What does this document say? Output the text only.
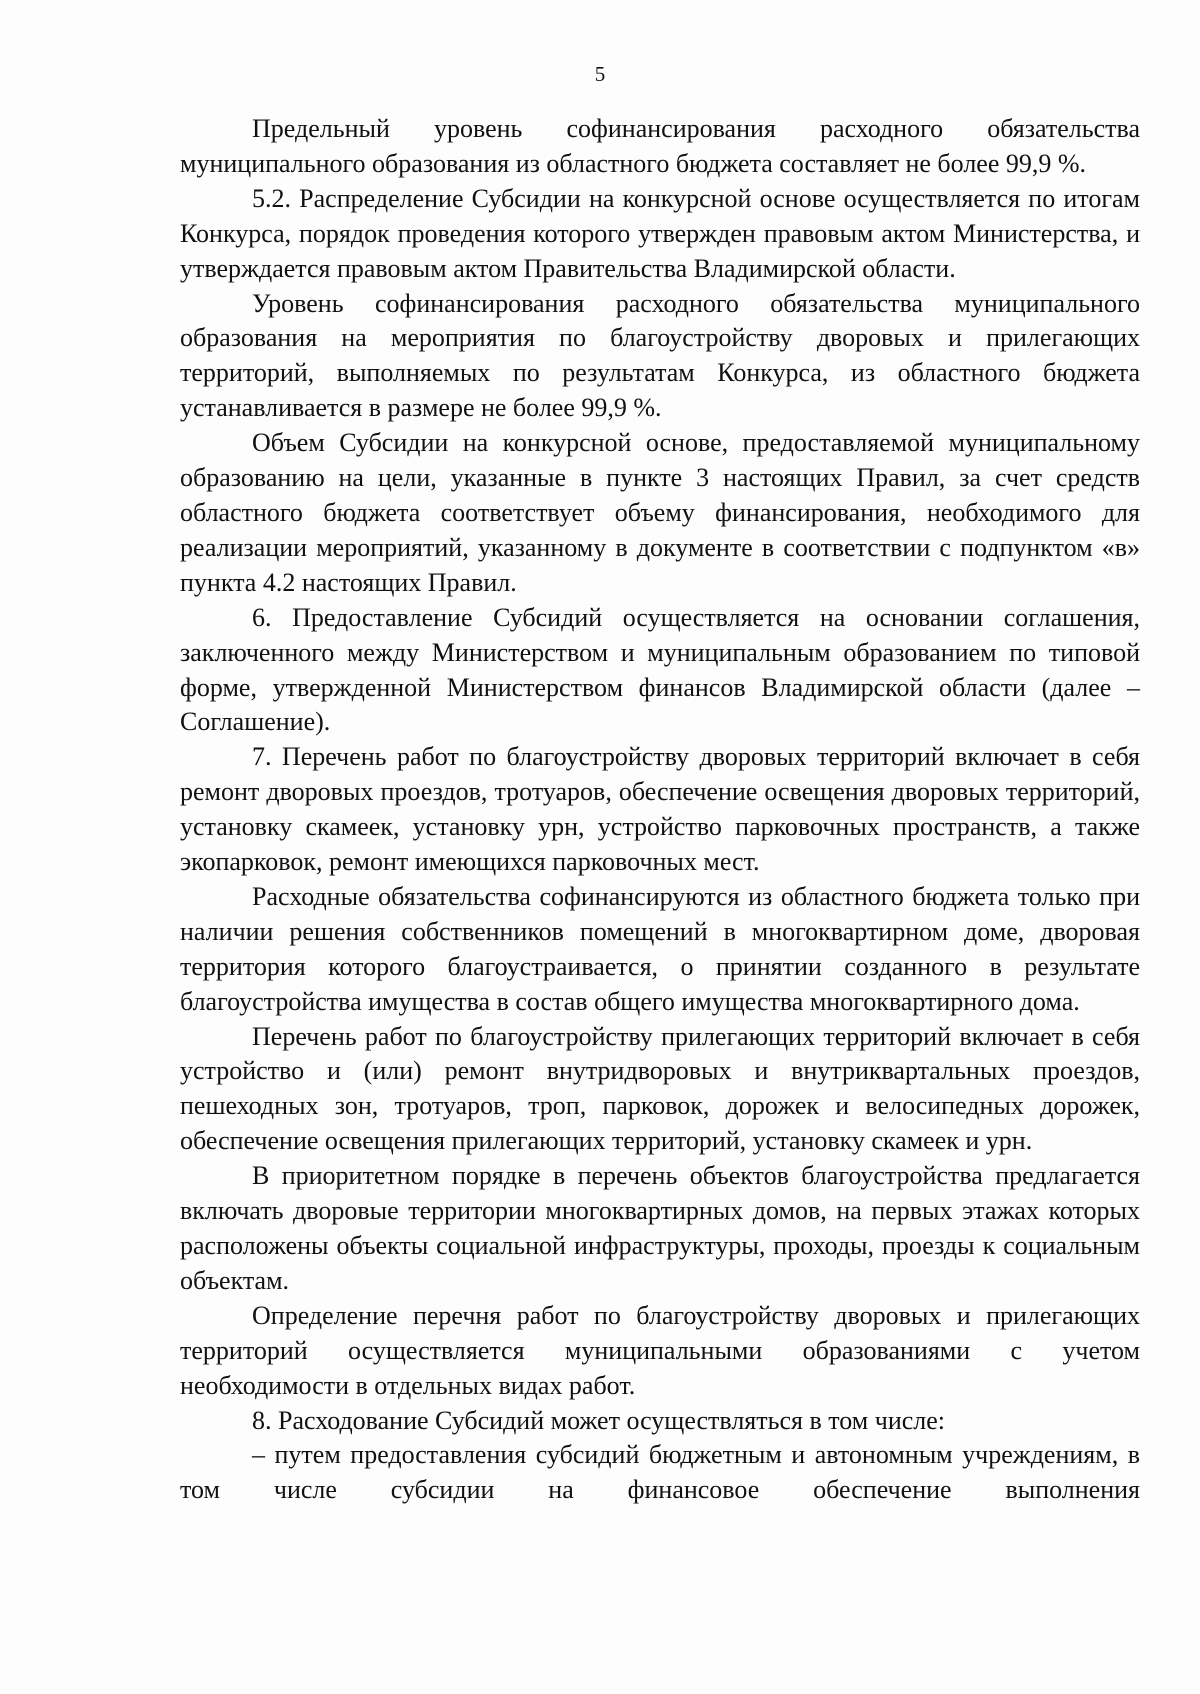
5

Предельный уровень софинансирования расходного обязательства муниципального образования из областного бюджета составляет не более 99,9 %.

5.2. Распределение Субсидии на конкурсной основе осуществляется по итогам Конкурса, порядок проведения которого утвержден правовым актом Министерства, и утверждается правовым актом Правительства Владимирской области.

Уровень софинансирования расходного обязательства муниципального образования на мероприятия по благоустройству дворовых и прилегающих территорий, выполняемых по результатам Конкурса, из областного бюджета устанавливается в размере не более 99,9 %.

Объем Субсидии на конкурсной основе, предоставляемой муниципальному образованию на цели, указанные в пункте 3 настоящих Правил, за счет средств областного бюджета соответствует объему финансирования, необходимого для реализации мероприятий, указанному в документе в соответствии с подпунктом «в» пункта 4.2 настоящих Правил.

6. Предоставление Субсидий осуществляется на основании соглашения, заключенного между Министерством и муниципальным образованием по типовой форме, утвержденной Министерством финансов Владимирской области (далее – Соглашение).

7. Перечень работ по благоустройству дворовых территорий включает в себя ремонт дворовых проездов, тротуаров, обеспечение освещения дворовых территорий, установку скамеек, установку урн, устройство парковочных пространств, а также экопарковок, ремонт имеющихся парковочных мест.

Расходные обязательства софинансируются из областного бюджета только при наличии решения собственников помещений в многоквартирном доме, дворовая территория которого благоустраивается, о принятии созданного в результате благоустройства имущества в состав общего имущества многоквартирного дома.

Перечень работ по благоустройству прилегающих территорий включает в себя устройство и (или) ремонт внутридворовых и внутриквартальных проездов, пешеходных зон, тротуаров, троп, парковок, дорожек и велосипедных дорожек, обеспечение освещения прилегающих территорий, установку скамеек и урн.

В приоритетном порядке в перечень объектов благоустройства предлагается включать дворовые территории многоквартирных домов, на первых этажах которых расположены объекты социальной инфраструктуры, проходы, проезды к социальным объектам.

Определение перечня работ по благоустройству дворовых и прилегающих территорий осуществляется муниципальными образованиями с учетом необходимости в отдельных видах работ.

8. Расходование Субсидий может осуществляться в том числе:

– путем предоставления субсидий бюджетным и автономным учреждениям, в том числе субсидии на финансовое обеспечение выполнения
